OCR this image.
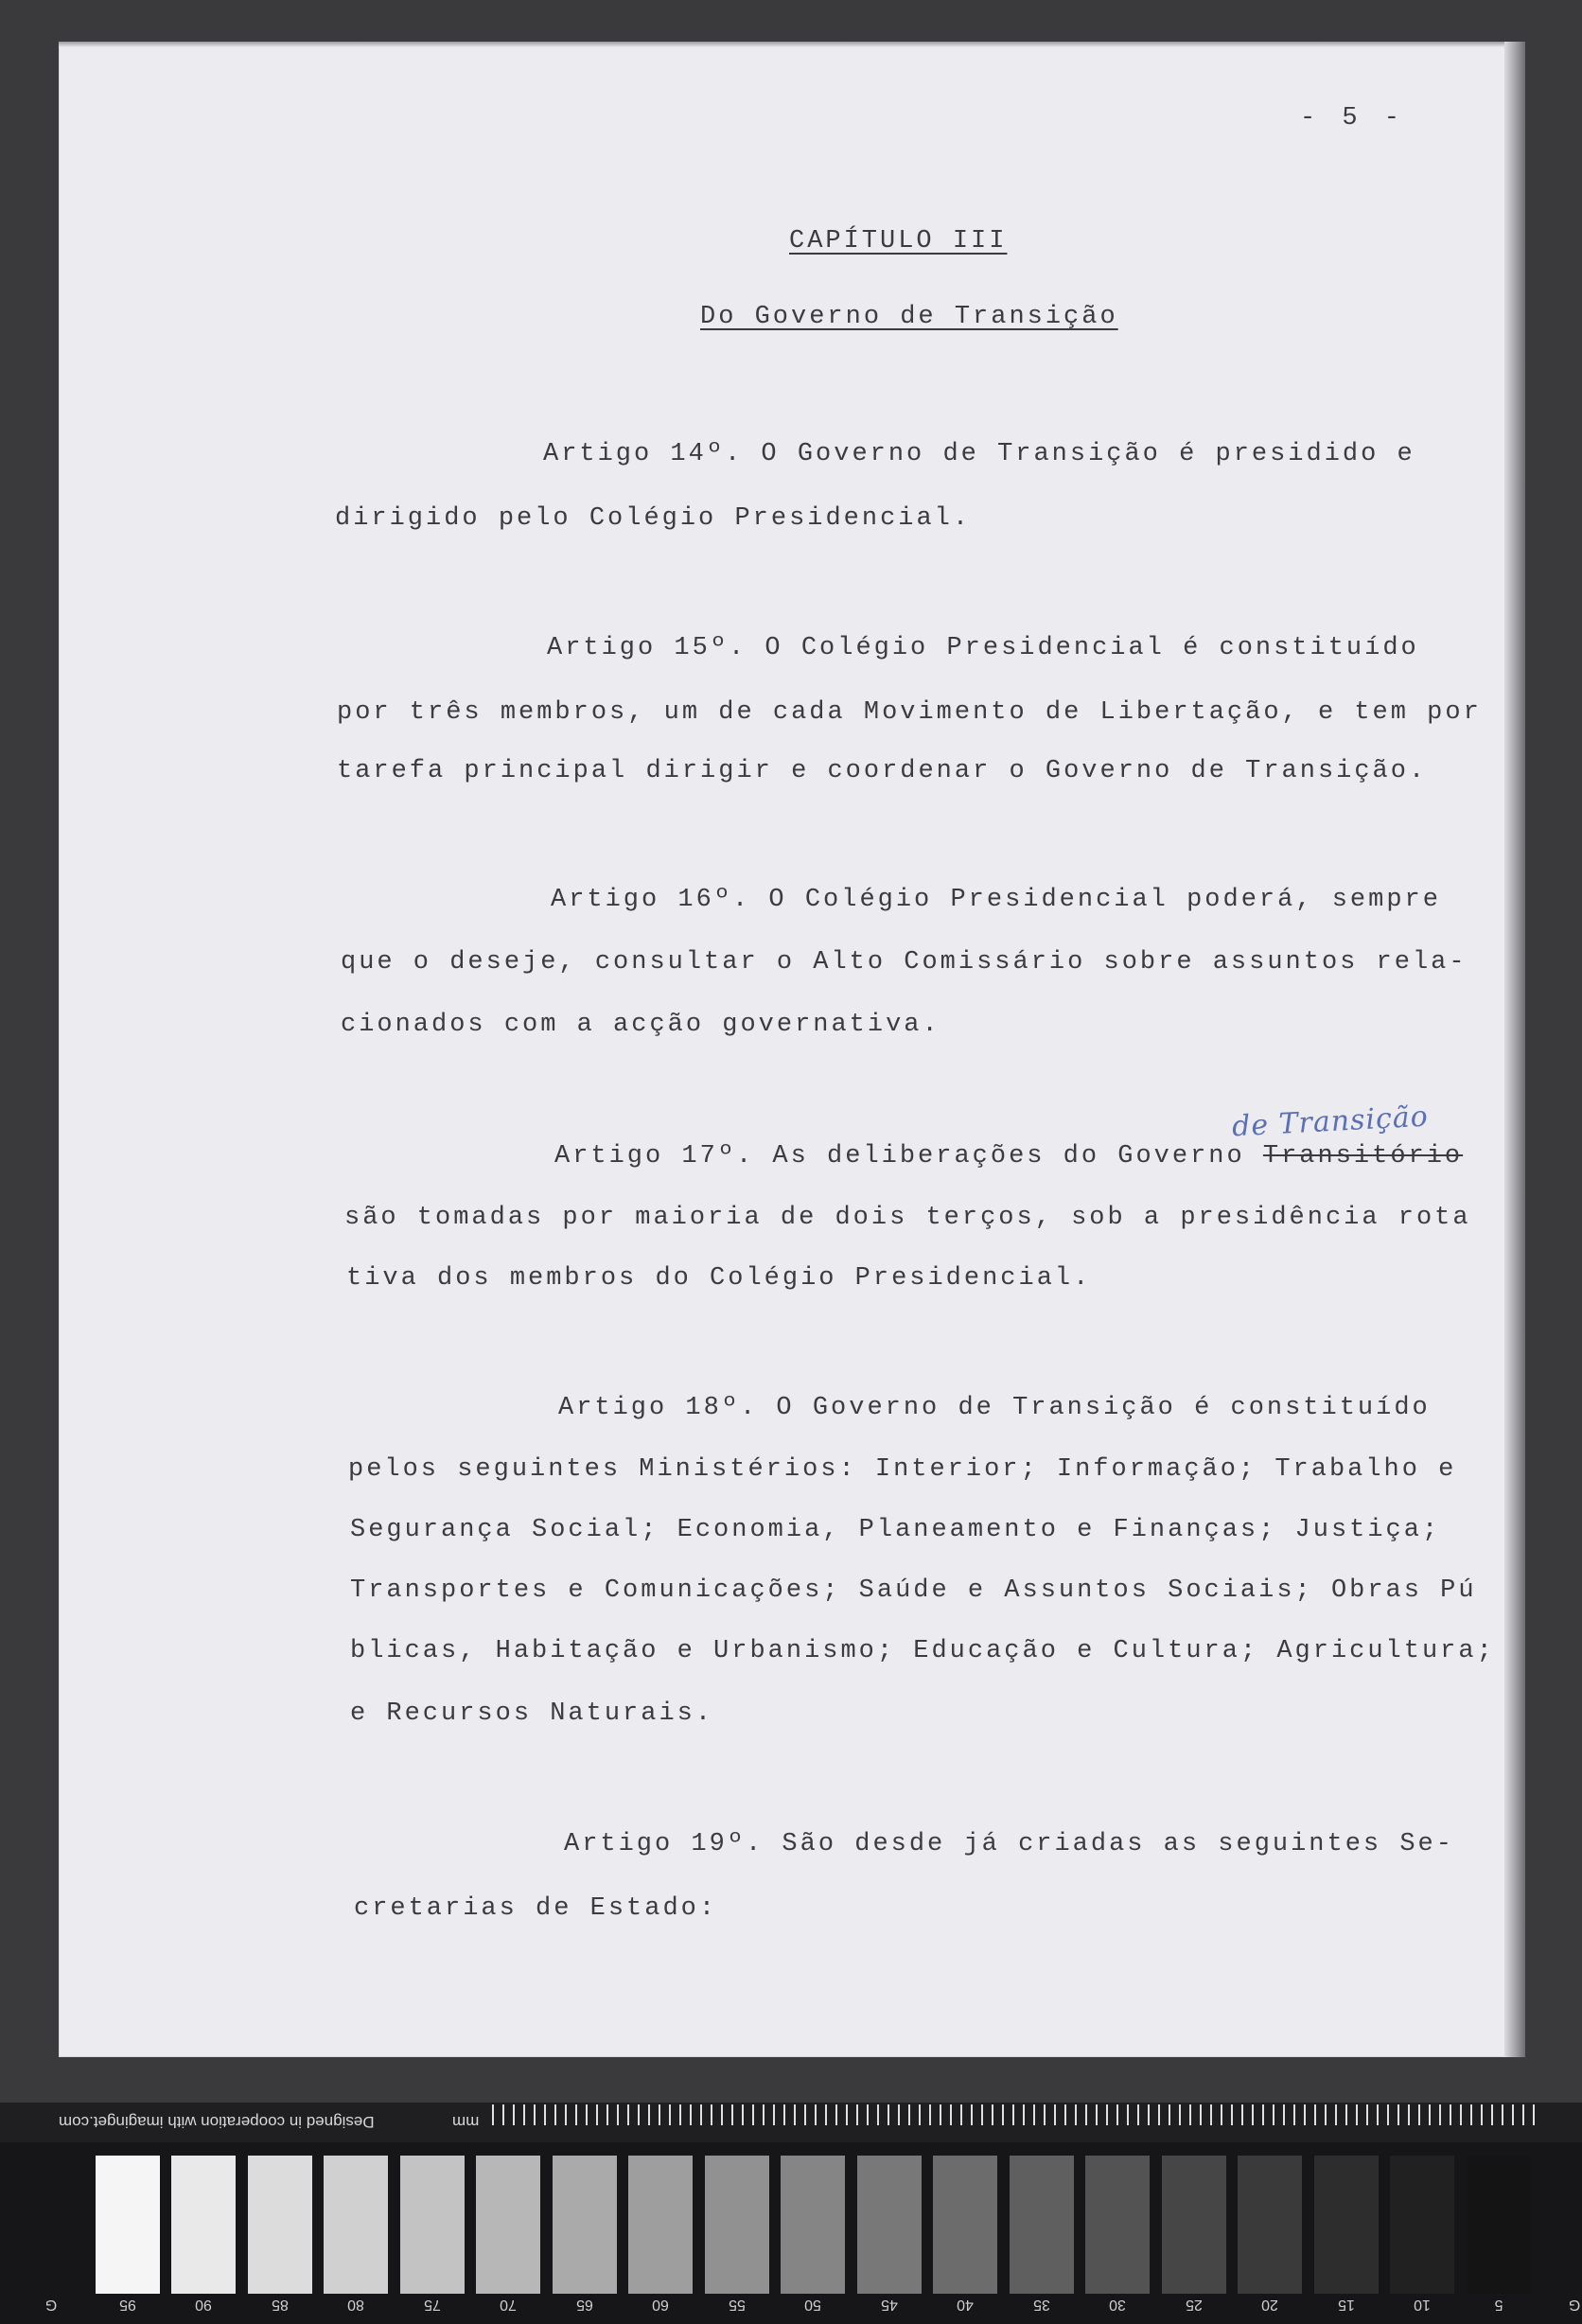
- 5 -
CAPÍTULO III
Do Governo de Transição
Artigo 14º. O Governo de Transição é presidido e
dirigido pelo Colégio Presidencial.
Artigo 15º. O Colégio Presidencial é constituído
por três membros, um de cada Movimento de Libertação, e tem por
tarefa principal dirigir e coordenar o Governo de Transição.
Artigo 16º. O Colégio Presidencial poderá, sempre
que o deseje, consultar o Alto Comissário sobre assuntos rela-
cionados com a acção governativa.
de Transição
Artigo 17º. As deliberações do Governo Transitório
são tomadas por maioria de dois terços, sob a presidência rota
tiva dos membros do Colégio Presidencial.
Artigo 18º. O Governo de Transição é constituído
pelos seguintes Ministérios: Interior; Informação; Trabalho e
Segurança Social; Economia, Planeamento e Finanças; Justiça;
Transportes e Comunicações; Saúde e Assuntos Sociais; Obras Pú
blicas, Habitação e Urbanismo; Educação e Cultura; Agricultura;
e Recursos Naturais.
Artigo 19º. São desde já criadas as seguintes Se-
cretarias de Estado:
Designed in cooperation with imaginget.com	mm
G	95	90	85	80	75	70	65	60	55	50	45	40	35	30	25	20	15	10	5	G
